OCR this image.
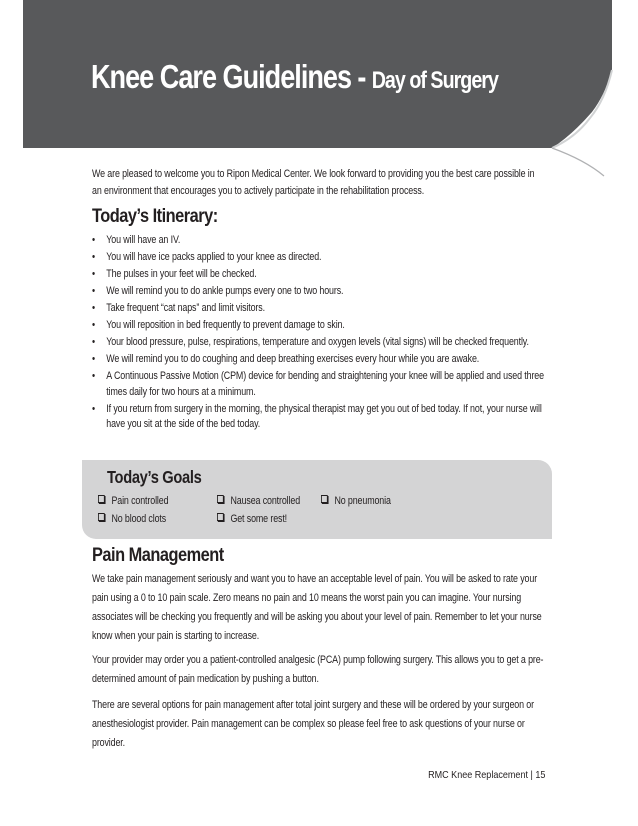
Knee Care Guidelines - Day of Surgery

We are pleased to welcome you to Ripon Medical Center. We look forward to providing you the best care possible in an environment that encourages you to actively participate in the rehabilitation process.

Today’s Itinerary:
• You will have an IV.
• You will have ice packs applied to your knee as directed.
• The pulses in your feet will be checked.
• We will remind you to do ankle pumps every one to two hours.
• Take frequent “cat naps” and limit visitors.
• You will reposition in bed frequently to prevent damage to skin.
• Your blood pressure, pulse, respirations, temperature and oxygen levels (vital signs) will be checked frequently.
• We will remind you to do coughing and deep breathing exercises every hour while you are awake.
• A Continuous Passive Motion (CPM) device for bending and straightening your knee will be applied and used three times daily for two hours at a minimum.
• If you return from surgery in the morning, the physical therapist may get you out of bed today. If not, your nurse will have you sit at the side of the bed today.
Today’s Goals
Pain controlled	Nausea controlled	No pneumonia
No blood clots	Get some rest!
Pain Management

We take pain management seriously and want you to have an acceptable level of pain. You will be asked to rate your pain using a 0 to 10 pain scale. Zero means no pain and 10 means the worst pain you can imagine. Your nursing associates will be checking you frequently and will be asking you about your level of pain. Remember to let your nurse know when your pain is starting to increase.

Your provider may order you a patient-controlled analgesic (PCA) pump following surgery. This allows you to get a pre-determined amount of pain medication by pushing a button.

There are several options for pain management after total joint surgery and these will be ordered by your surgeon or anesthesiologist provider. Pain management can be complex so please feel free to ask questions of your nurse or provider.

RMC Knee Replacement | 15
